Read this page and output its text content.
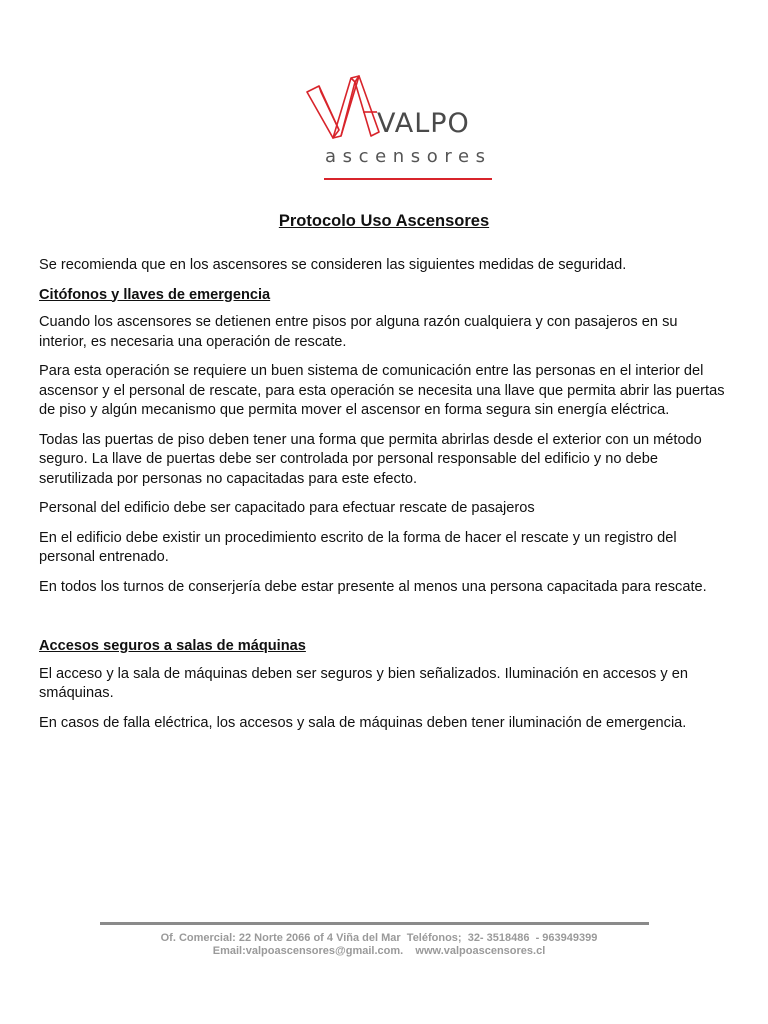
VALPO
ascensores
Protocolo Uso Ascensores

Se recomienda que en los ascensores se consideren las siguientes medidas de seguridad.

Citófonos y llaves de emergencia

Cuando los ascensores se detienen entre pisos por alguna razón cualquiera y con pasajeros en su interior, es necesaria una operación de rescate.

Para esta operación se requiere un buen sistema de comunicación entre las personas en el interior del ascensor y el personal de rescate, para esta operación se necesita una llave que permita abrir las puertas de piso y algún mecanismo que permita mover el ascensor en forma segura sin energía eléctrica.

Todas las puertas de piso deben tener una forma que permita abrirlas desde el exterior con un método seguro. La llave de puertas debe ser controlada por personal responsable del edificio y no debe serutilizada por personas no capacitadas para este efecto.

Personal del edificio debe ser capacitado para efectuar rescate de pasajeros

En el edificio debe existir un procedimiento escrito de la forma de hacer el rescate y un registro del personal entrenado.

En todos los turnos de conserjería debe estar presente al menos una persona capacitada para rescate.

Accesos seguros a salas de máquinas

El acceso y la sala de máquinas deben ser seguros y bien señalizados. Iluminación en accesos y en smáquinas.

En casos de falla eléctrica, los accesos y sala de máquinas deben tener iluminación de emergencia.

Of. Comercial: 22 Norte 2066 of 4 Viña del Mar  Teléfonos;  32- 3518486  - 963949399
Email:valpoascensores@gmail.com.    www.valpoascensores.cl
